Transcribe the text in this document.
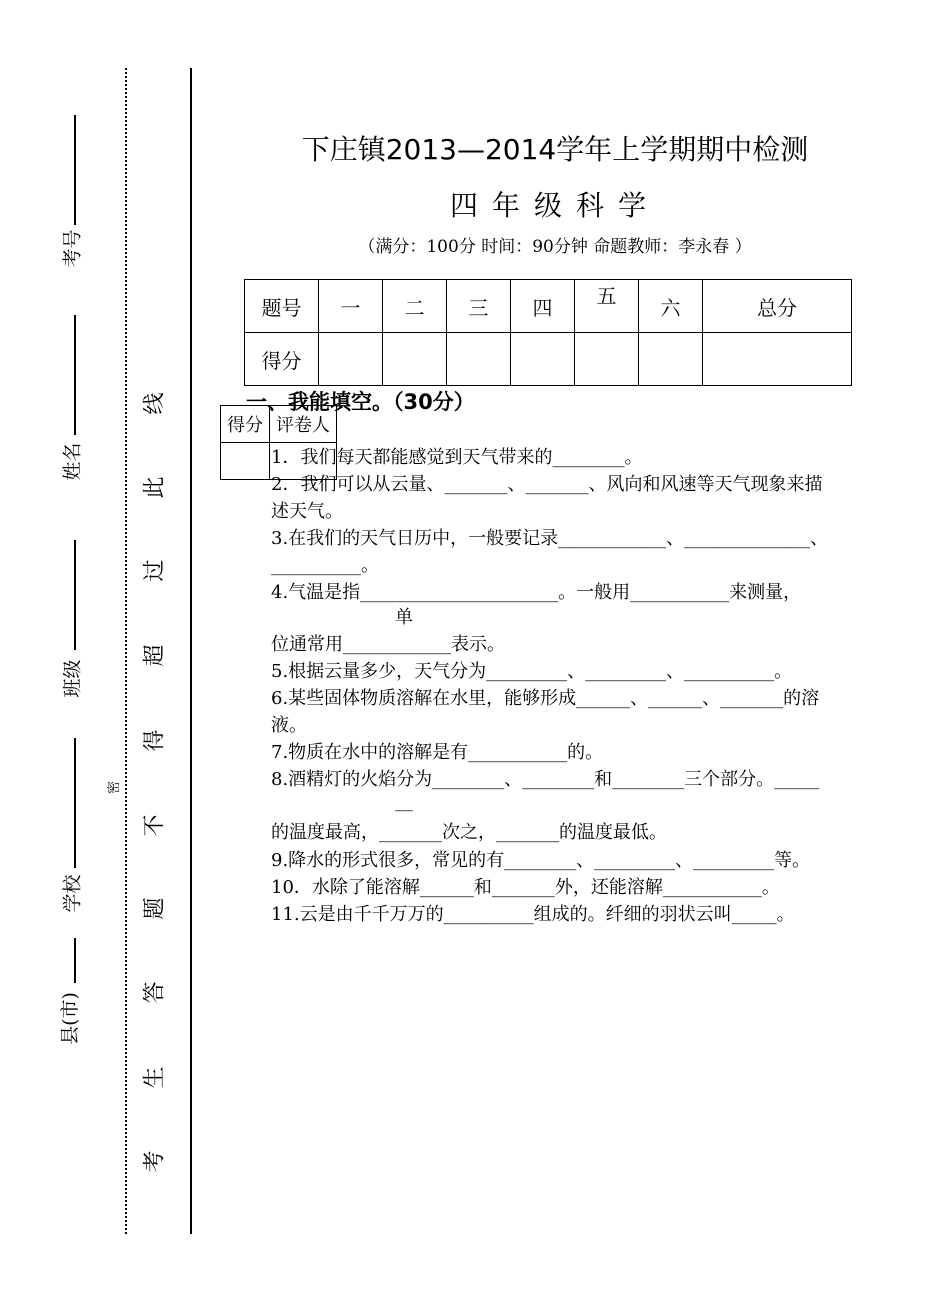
考号
姓名
班级
学校
县(市)
密
线
此
过
超
得
不
题
答
生
考
下庄镇2013—2014学年上学期期中检测
四年级科学
（满分：100分 时间：90分钟 命题教师：李永春 ）
题号	一	二	三	四	五	六	总分
得分							
一、我能填空。（30分）
得分	评卷人

1．我们每天都能感觉到天气带来的________。
2．我们可以从云量、_______、_______、风向和风速等天气现象来描
述天气。
3.在我们的天气日历中，一般要记录____________、______________、
__________。
4.气温是指______________________。一般用___________来测量，
单
位通常用____________表示。
5.根据云量多少，天气分为_________、_________、__________。
6.某些固体物质溶解在水里，能够形成______、______、_______的溶
液。
7.物质在水中的溶解是有___________的。
8.酒精灯的火焰分为________、________和________三个部分。_____
__
的温度最高，_______次之，_______的温度最低。
9.降水的形式很多，常见的有________、_________、_________等。
10．水除了能溶解______和_______外，还能溶解___________。
11.云是由千千万万的__________组成的。纤细的羽状云叫_____。
